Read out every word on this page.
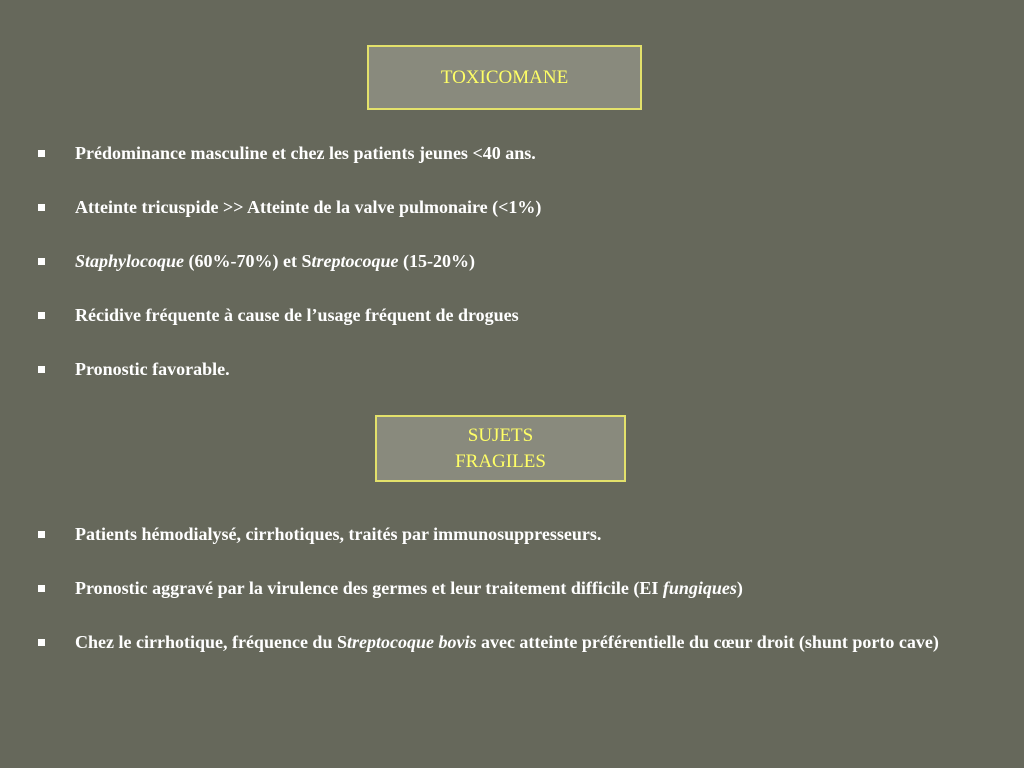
TOXICOMANE
Prédominance masculine et chez les patients jeunes <40 ans.
Atteinte tricuspide >> Atteinte de la valve pulmonaire (<1%)
Staphylocoque (60%-70%) et Streptocoque (15-20%)
Récidive fréquente à cause de l’usage fréquent de drogues
Pronostic favorable.
SUJETS
FRAGILES
Patients hémodialysé, cirrhotiques, traités par immunosuppresseurs.
Pronostic aggravé par la virulence des germes et leur traitement difficile (EI fungiques)
Chez le cirrhotique, fréquence du Streptocoque bovis avec atteinte préférentielle du cœur droit (shunt porto cave)
